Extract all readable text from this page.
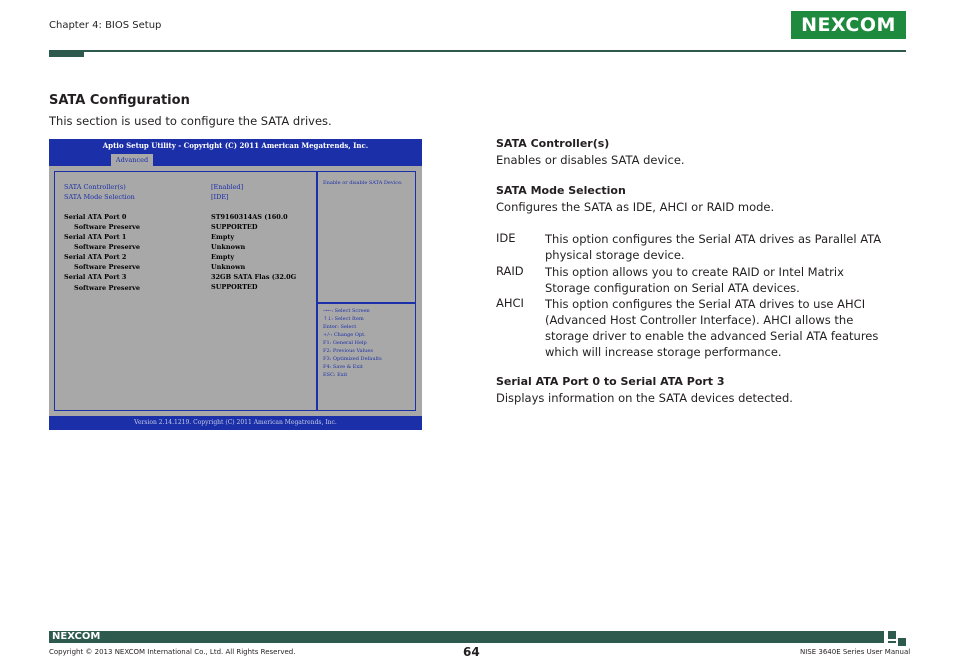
Chapter 4: BIOS Setup	NEXCOM
SATA Configuration
This section is used to configure the SATA drives.
Aptio Setup Utility - Copyright (C) 2011 American Megatrends, Inc.
Advanced
SATA Controller(s)	[Enabled]
SATA Mode Selection	[IDE]
Serial ATA Port 0	ST9160314AS (160.0
Software Preserve	SUPPORTED
Serial ATA Port 1	Empty
Software Preserve	Unknown
Serial ATA Port 2	Empty
Software Preserve	Unknown
Serial ATA Port 3	32GB SATA Flas (32.0G
Software Preserve	SUPPORTED
Enable or disable SATA Device.
→←: Select Screen
↑↓: Select Item
Enter: Select
+/-: Change Opt.
F1: General Help
F2: Previous Values
F3: Optimized Defaults
F4: Save & Exit
ESC: Exit
Version 2.14.1219. Copyright (C) 2011 American Megatrends, Inc.
SATA Controller(s)
Enables or disables SATA device.
SATA Mode Selection
Configures the SATA as IDE, AHCI or RAID mode.
IDE	This option configures the Serial ATA drives as Parallel ATA physical storage device.
RAID This option allows you to create RAID or Intel Matrix Storage configuration on Serial ATA devices.
AHCI This option configures the Serial ATA drives to use AHCI (Advanced Host Controller Interface). AHCI allows the storage driver to enable the advanced Serial ATA features which will increase storage performance.
Serial ATA Port 0 to Serial ATA Port 3
Displays information on the SATA devices detected.
NEXCOM
Copyright © 2013 NEXCOM International Co., Ltd. All Rights Reserved.	64	NISE 3640E Series User Manual
